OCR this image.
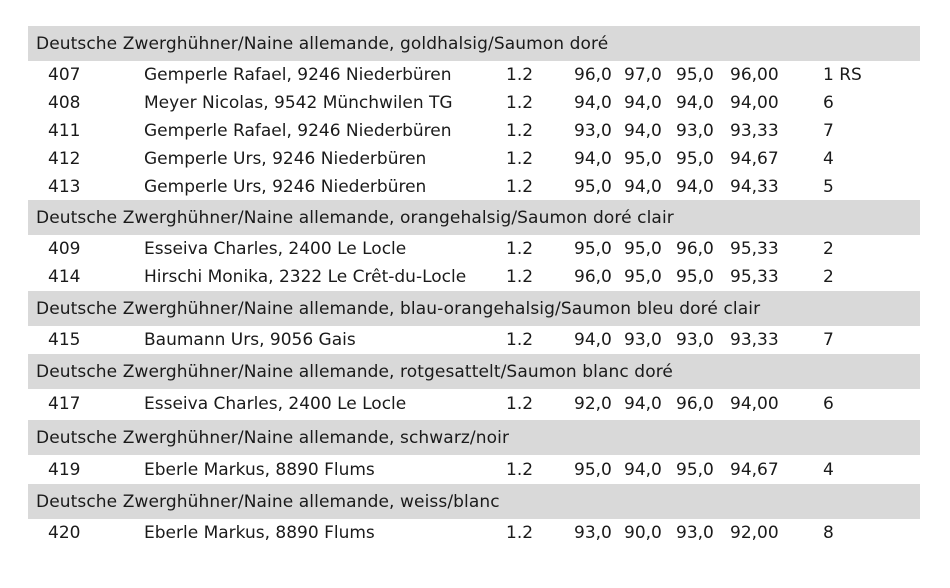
Deutsche Zwerghühner/Naine allemande, goldhalsig/Saumon doré
407	Gemperle Rafael, 9246 Niederbüren	1.2 96,0 97,0 95,0 96,00	1 RS
408	Meyer Nicolas, 9542 Münchwilen TG	1.2 94,0 94,0 94,0 94,00	6
411	Gemperle Rafael, 9246 Niederbüren	1.2 93,0 94,0 93,0 93,33	7
412	Gemperle Urs, 9246 Niederbüren	1.2 94,0 95,0 95,0 94,67	4
413	Gemperle Urs, 9246 Niederbüren	1.2 95,0 94,0 94,0 94,33	5
Deutsche Zwerghühner/Naine allemande, orangehalsig/Saumon doré clair
409	Esseiva Charles, 2400 Le Locle	1.2 95,0 95,0 96,0 95,33	2
414	Hirschi Monika, 2322 Le Crêt-du-Locle 1.2 96,0 95,0 95,0 95,33	2
Deutsche Zwerghühner/Naine allemande, blau-orangehalsig/Saumon bleu doré clair
415	Baumann Urs, 9056 Gais	1.2 94,0 93,0 93,0 93,33	7
Deutsche Zwerghühner/Naine allemande, rotgesattelt/Saumon blanc doré
417	Esseiva Charles, 2400 Le Locle	1.2 92,0 94,0 96,0 94,00	6
Deutsche Zwerghühner/Naine allemande, schwarz/noir
419	Eberle Markus, 8890 Flums	1.2 95,0 94,0 95,0 94,67	4
Deutsche Zwerghühner/Naine allemande, weiss/blanc
420	Eberle Markus, 8890 Flums	1.2 93,0 90,0 93,0 92,00	8
